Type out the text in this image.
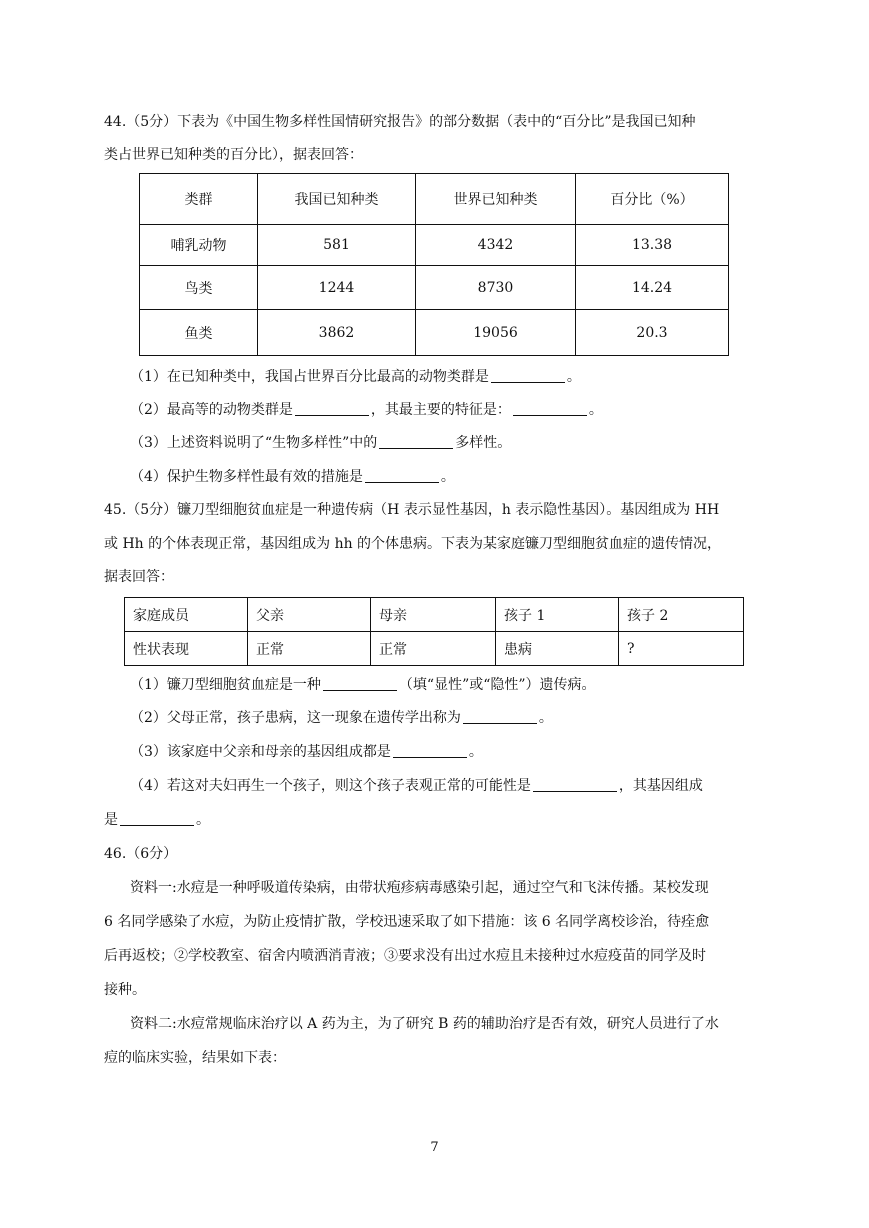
44.（5分）下表为《中国生物多样性国情研究报告》的部分数据（表中的“百分比”是我国已知种
类占世界已知种类的百分比），据表回答：
类群	我国已知种类	世界已知种类	百分比（%）
哺乳动物	581	4342	13.38
鸟类	1244	8730	14.24
鱼类	3862	19056	20.3
（1）在已知种类中，我国占世界百分比最高的动物类群是	。
（2）最高等的动物类群是	，其最主要的特征是：	。
（3）上述资料说明了“生物多样性”中的	多样性。
（4）保护生物多样性最有效的措施是	。
45.（5分）镰刀型细胞贫血症是一种遗传病（H 表示显性基因，h 表示隐性基因）。基因组成为 HH
或 Hh 的个体表现正常，基因组成为 hh 的个体患病。下表为某家庭镰刀型细胞贫血症的遗传情况，
据表回答：
家庭成员	父亲	母亲	孩子 1	孩子 2
性状表现	正常	正常	患病	?
（1）镰刀型细胞贫血症是一种	（填“显性”或“隐性”）遗传病。
（2）父母正常，孩子患病，这一现象在遗传学出称为	。
（3）该家庭中父亲和母亲的基因组成都是	。
（4）若这对夫妇再生一个孩子，则这个孩子表观正常的可能性是	，其基因组成
是	。
46.（6分）
资料一:水痘是一种呼吸道传染病，由带状疱疹病毒感染引起，通过空气和飞沫传播。某校发现
6 名同学感染了水痘，为防止疫情扩散，学校迅速采取了如下措施：该 6 名同学离校诊治，待痊愈
后再返校；②学校教室、宿舍内喷洒消青液；③要求没有出过水痘且未接种过水痘疫苗的同学及时
接种。
资料二:水痘常规临床治疗以 A 药为主，为了研究 B 药的辅助治疗是否有效，研究人员进行了水
痘的临床实验，结果如下表：
7
